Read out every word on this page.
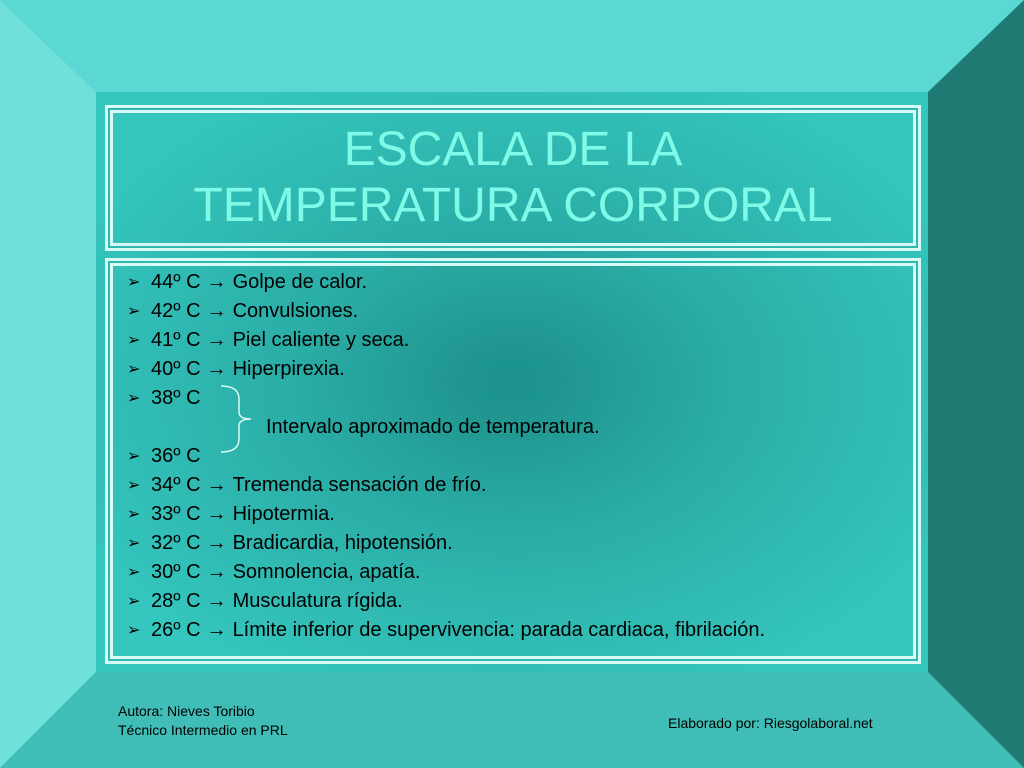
ESCALA DE LA
TEMPERATURA CORPORAL
➢ 44º C → Golpe de calor.
➢ 42º C → Convulsiones.
➢ 41º C → Piel caliente y seca.
➢ 40º C → Hiperpirexia.
➢ 38º C
Intervalo aproximado de temperatura.
➢ 36º C
➢ 34º C → Tremenda sensación de frío.
➢ 33º C → Hipotermia.
➢ 32º C → Bradicardia, hipotensión.
➢ 30º C → Somnolencia, apatía.
➢ 28º C → Musculatura rígida.
➢ 26º C → Límite inferior de supervivencia: parada cardiaca, fibrilación.
Autora: Nieves Toribio
Técnico Intermedio en PRL	Elaborado por: Riesgolaboral.net
